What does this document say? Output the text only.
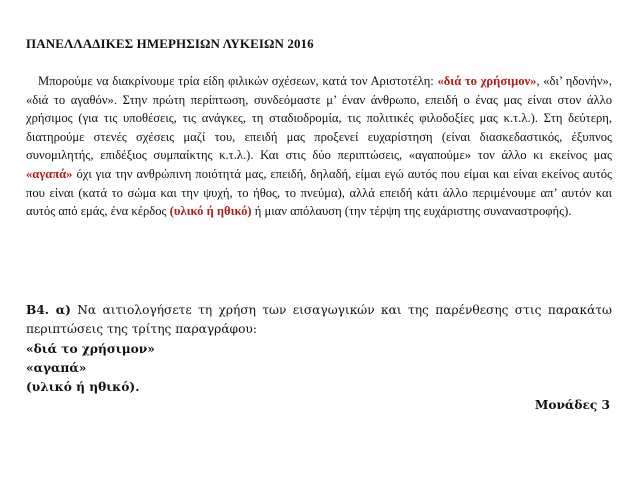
ΠΑΝΕΛΛΑΔΙΚΕΣ ΗΜΕΡΗΣΙΩΝ ΛΥΚΕΙΩΝ 2016
Μπορούμε να διακρίνουμε τρία είδη φιλικών σχέσεων, κατά τον Αριστοτέλη: «διά το χρήσιμον», «δι’ ηδονήν», «διά το αγαθόν». Στην πρώτη περίπτωση, συνδεόμαστε μ’ έναν άνθρωπο, επειδή ο ένας μας είναι στον άλλο χρήσιμος (για τις υποθέσεις, τις ανάγκες, τη σταδιοδρομία, τις πολιτικές φιλοδοξίες μας κ.τ.λ.). Στη δεύτερη, διατηρούμε στενές σχέσεις μαζί του, επειδή μας προξενεί ευχαρίστηση (είναι διασκεδαστικός, έξυπνος συνομιλητής, επιδέξιος συμπαίκτης κ.τ.λ.). Και στις δύο περιπτώσεις, «αγαπούμε» τον άλλο κι εκείνος μας «αγαπά» όχι για την ανθρώπινη ποιότητά μας, επειδή, δηλαδή, είμαι εγώ αυτός που είμαι και είναι εκείνος αυτός που είναι (κατά το σώμα και την ψυχή, το ήθος, το πνεύμα), αλλά επειδή κάτι άλλο περιμένουμε απ’ αυτόν και αυτός από εμάς, ένα κέρδος (υλικό ή ηθικό) ή μιαν απόλαυση (την τέρψη της ευχάριστης συναναστροφής).
Β4. α) Να αιτιολογήσετε τη χρήση των εισαγωγικών και της παρένθεσης στις παρακάτω περιπτώσεις της τρίτης παραγράφου:
«διά το χρήσιμον»
«αγαπά»
(υλικό ή ηθικό).
Μονάδες 3
